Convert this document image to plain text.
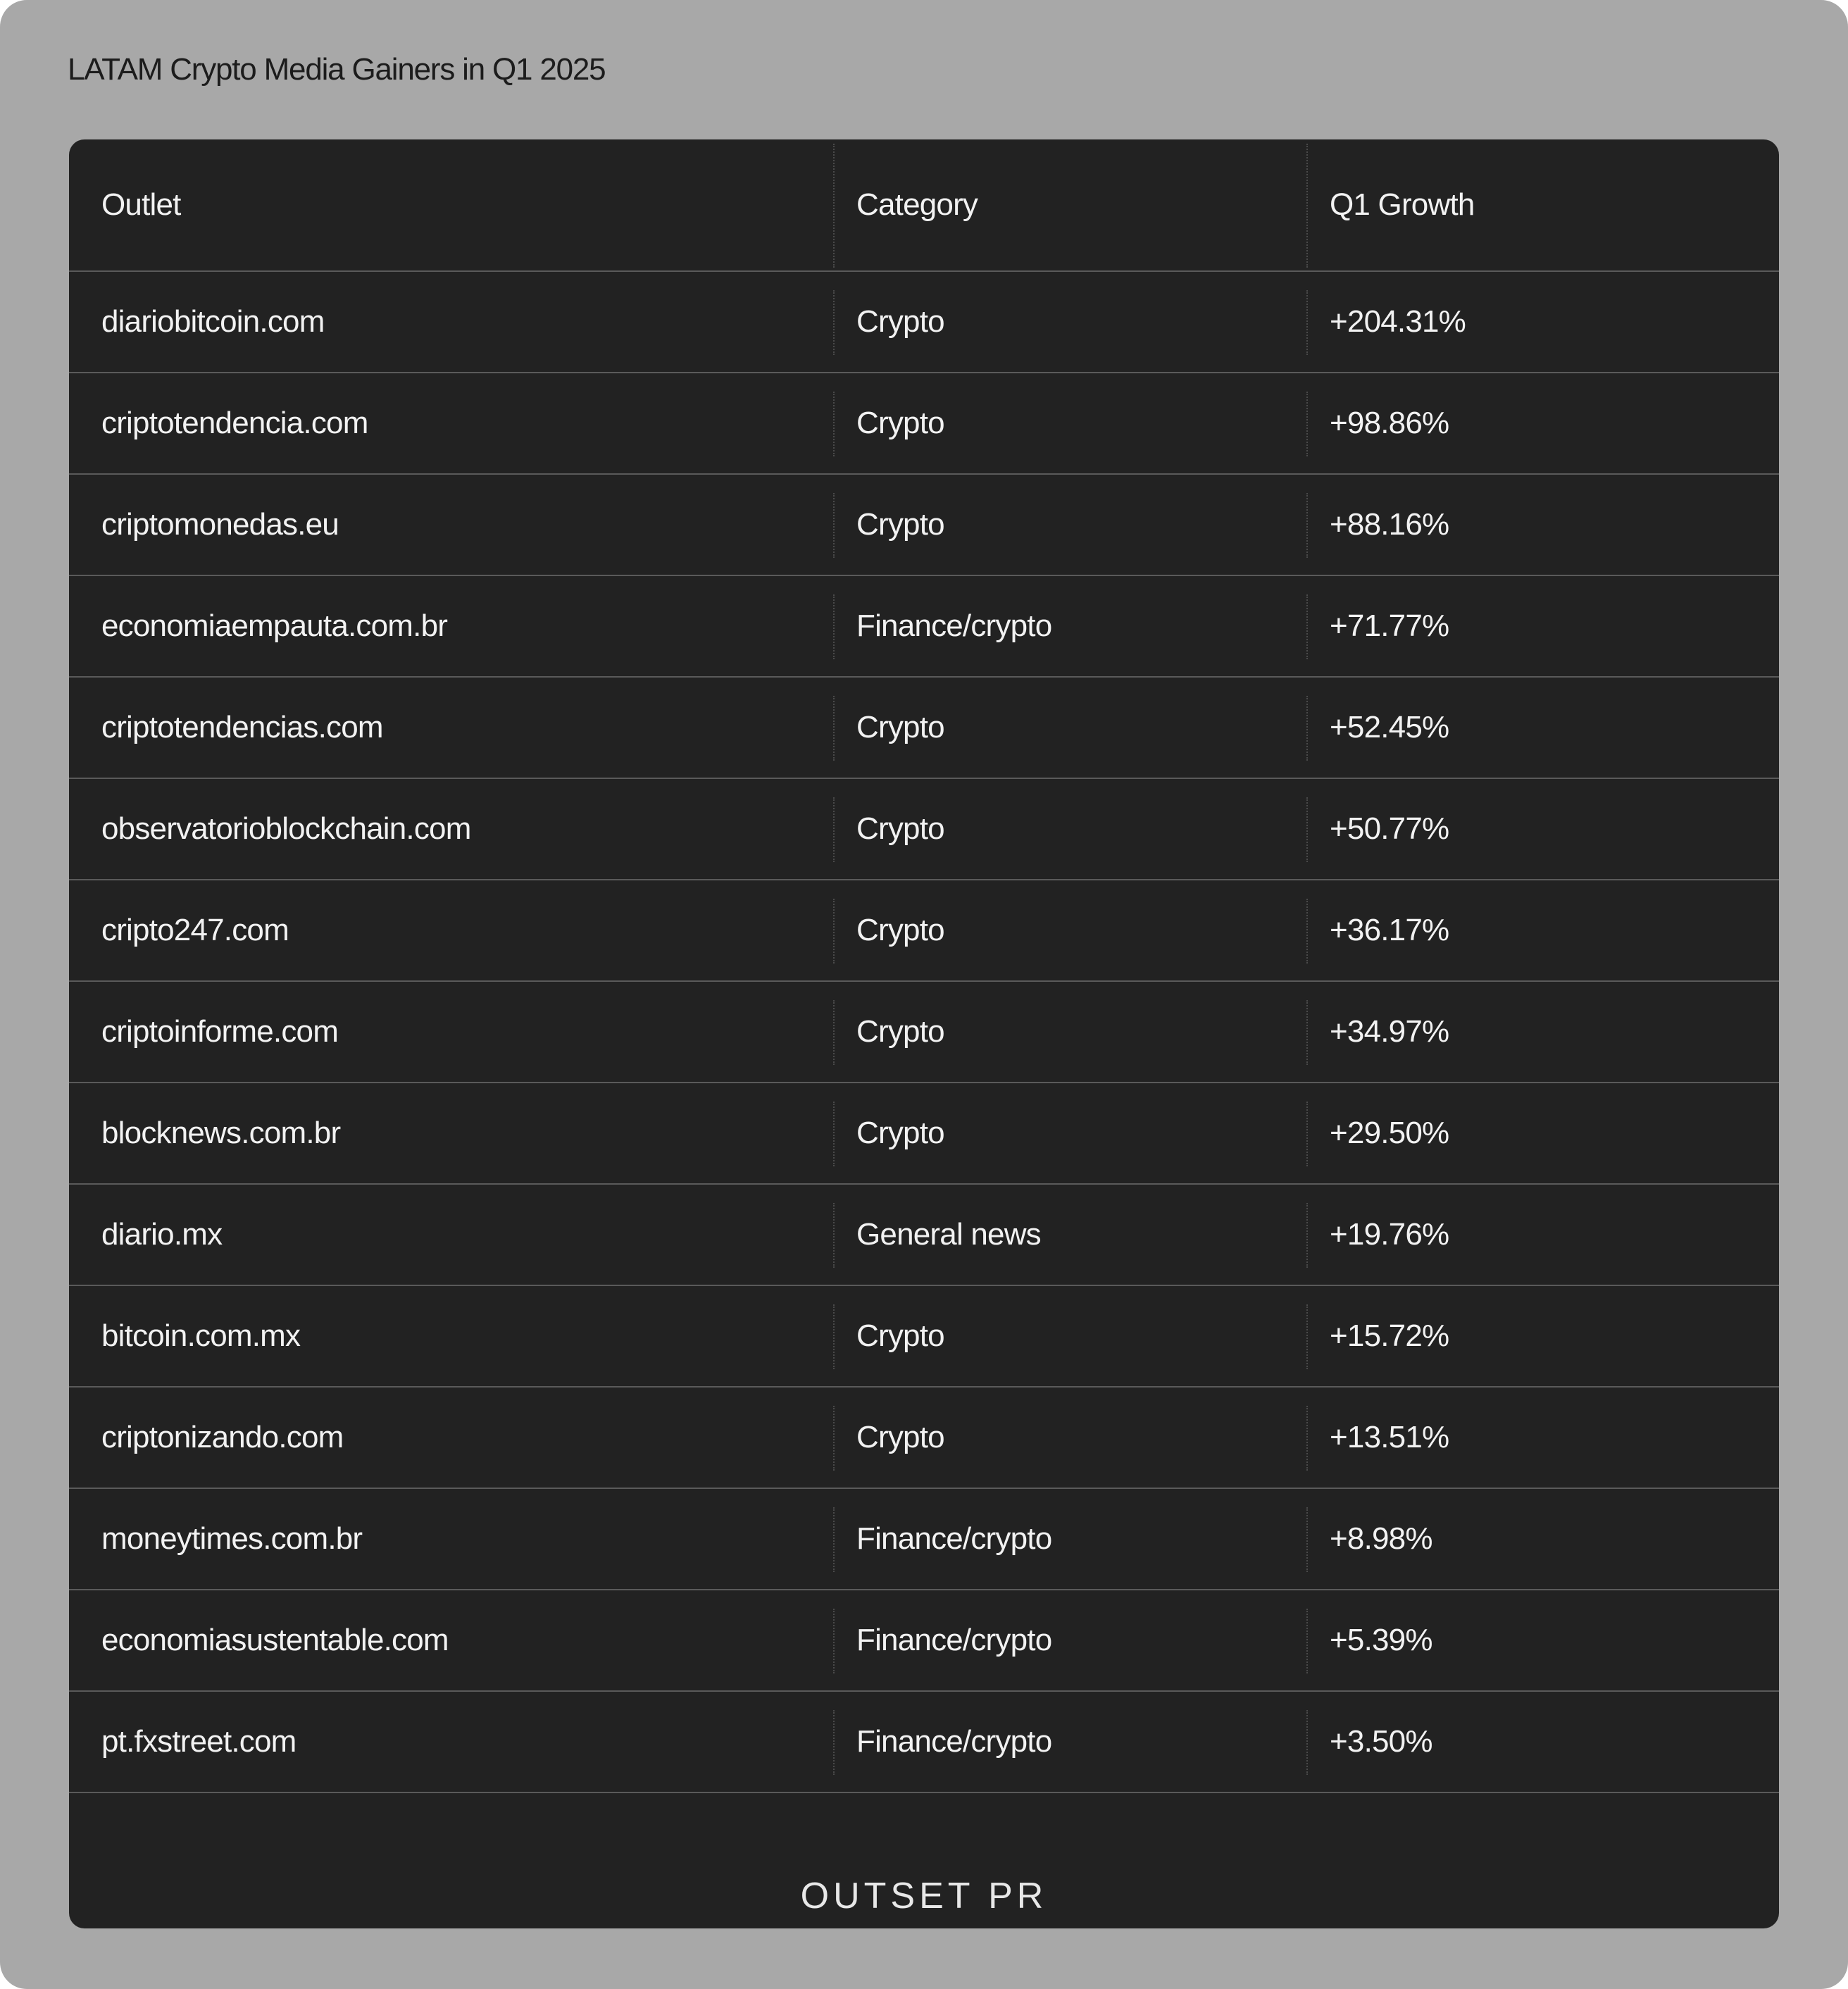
LATAM Crypto Media Gainers in Q1 2025
Outlet	Category	Q1 Growth
diariobitcoin.com	Crypto	+204.31%
criptotendencia.com	Crypto	+98.86%
criptomonedas.eu	Crypto	+88.16%
economiaempauta.com.br	Finance/crypto	+71.77%
criptotendencias.com	Crypto	+52.45%
observatorioblockchain.com	Crypto	+50.77%
cripto247.com	Crypto	+36.17%
criptoinforme.com	Crypto	+34.97%
blocknews.com.br	Crypto	+29.50%
diario.mx	General news	+19.76%
bitcoin.com.mx	Crypto	+15.72%
criptonizando.com	Crypto	+13.51%
moneytimes.com.br	Finance/crypto	+8.98%
economiasustentable.com	Finance/crypto	+5.39%
pt.fxstreet.com	Finance/crypto	+3.50%
OUTSET PR
